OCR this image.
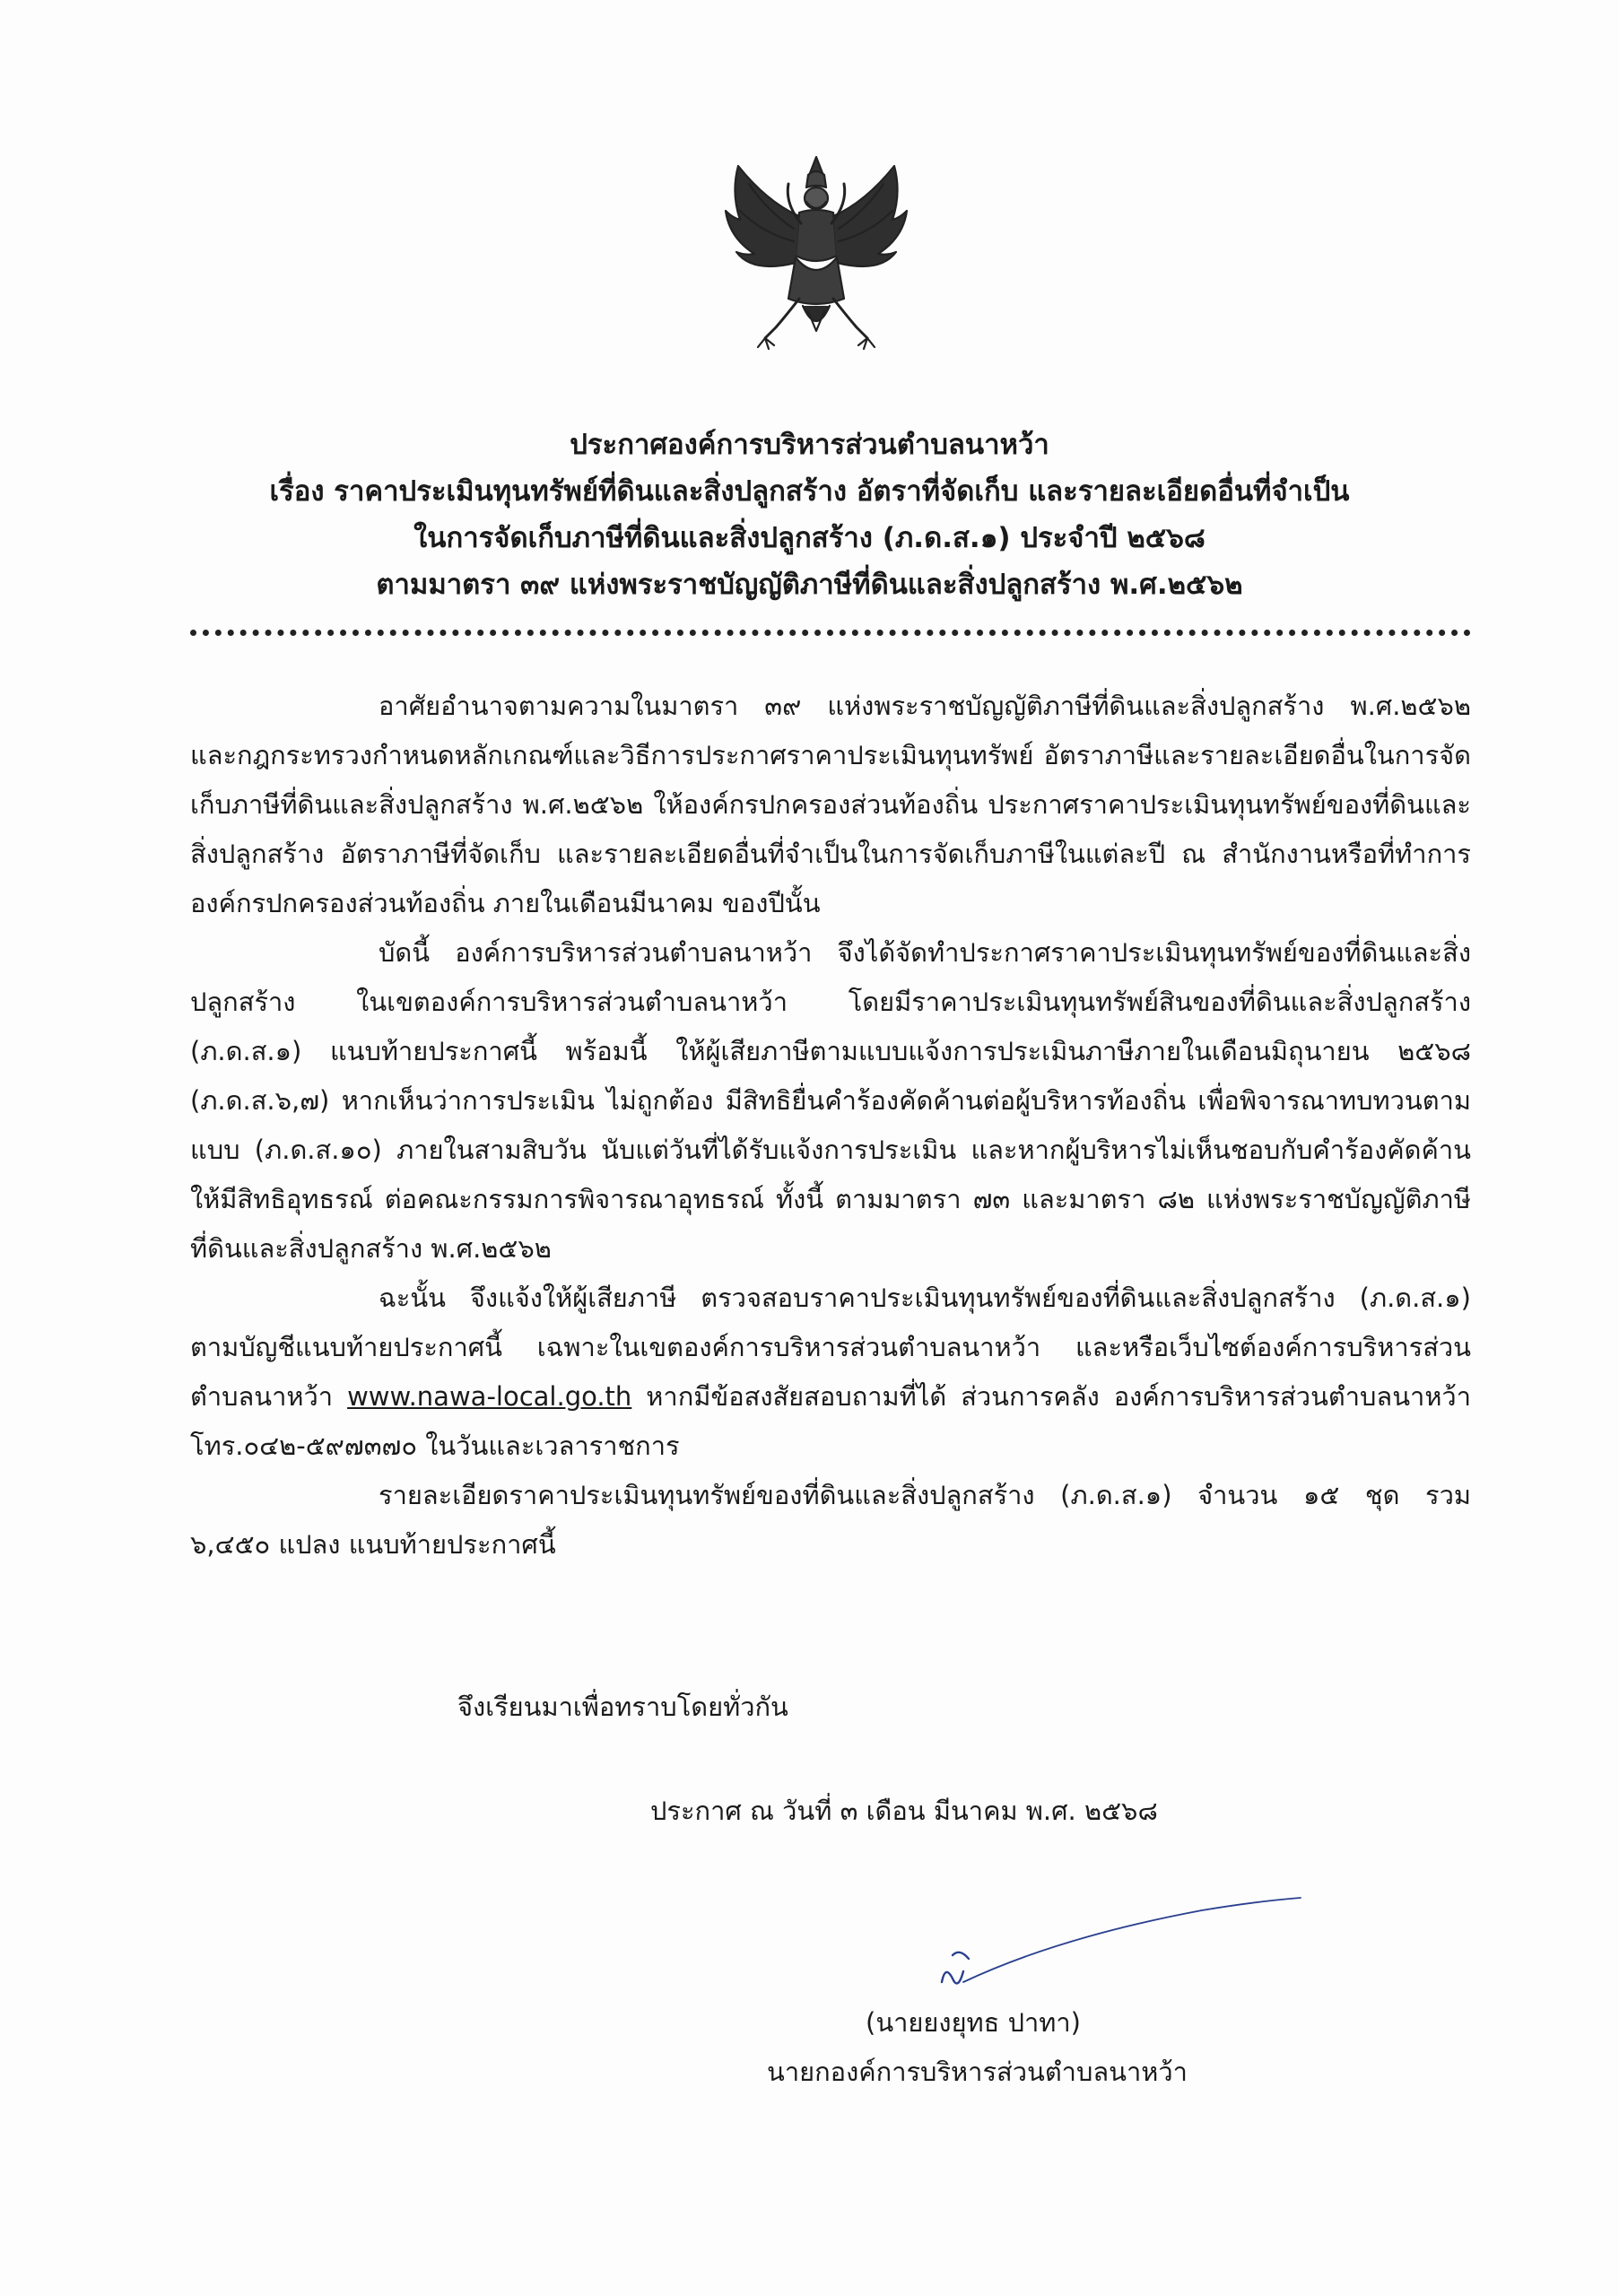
ประกาศองค์การบริหารส่วนตำบลนาหว้า
เรื่อง ราคาประเมินทุนทรัพย์ที่ดินและสิ่งปลูกสร้าง อัตราที่จัดเก็บ และรายละเอียดอื่นที่จำเป็น
ในการจัดเก็บภาษีที่ดินและสิ่งปลูกสร้าง (ภ.ด.ส.๑) ประจำปี ๒๕๖๘
ตามมาตรา ๓๙ แห่งพระราชบัญญัติภาษีที่ดินและสิ่งปลูกสร้าง พ.ศ.๒๕๖๒

อาศัยอำนาจตามความในมาตรา ๓๙ แห่งพระราชบัญญัติภาษีที่ดินและสิ่งปลูกสร้าง พ.ศ.๒๕๖๒ และกฎกระทรวงกำหนดหลักเกณฑ์และวิธีการประกาศราคาประเมินทุนทรัพย์ อัตราภาษีและรายละเอียดอื่นในการจัดเก็บภาษีที่ดินและสิ่งปลูกสร้าง พ.ศ.๒๕๖๒ ให้องค์กรปกครองส่วนท้องถิ่น ประกาศราคาประเมินทุนทรัพย์ของที่ดินและสิ่งปลูกสร้าง อัตราภาษีที่จัดเก็บ และรายละเอียดอื่นที่จำเป็นในการจัดเก็บภาษีในแต่ละปี ณ สำนักงานหรือที่ทำการองค์กรปกครองส่วนท้องถิ่น ภายในเดือนมีนาคม ของปีนั้น

บัดนี้ องค์การบริหารส่วนตำบลนาหว้า จึงได้จัดทำประกาศราคาประเมินทุนทรัพย์ของที่ดินและสิ่งปลูกสร้าง ในเขตองค์การบริหารส่วนตำบลนาหว้า โดยมีราคาประเมินทุนทรัพย์สินของที่ดินและสิ่งปลูกสร้าง (ภ.ด.ส.๑) แนบท้ายประกาศนี้ พร้อมนี้ ให้ผู้เสียภาษีตามแบบแจ้งการประเมินภาษีภายในเดือนมิถุนายน ๒๕๖๘ (ภ.ด.ส.๖,๗) หากเห็นว่าการประเมิน ไม่ถูกต้อง มีสิทธิยื่นคำร้องคัดค้านต่อผู้บริหารท้องถิ่น เพื่อพิจารณาทบทวนตามแบบ (ภ.ด.ส.๑๐) ภายในสามสิบวัน นับแต่วันที่ได้รับแจ้งการประเมิน และหากผู้บริหารไม่เห็นชอบกับคำร้องคัดค้านให้มีสิทธิอุทธรณ์ ต่อคณะกรรมการพิจารณาอุทธรณ์ ทั้งนี้ ตามมาตรา ๗๓ และมาตรา ๘๒ แห่งพระราชบัญญัติภาษีที่ดินและสิ่งปลูกสร้าง พ.ศ.๒๕๖๒

ฉะนั้น จึงแจ้งให้ผู้เสียภาษี ตรวจสอบราคาประเมินทุนทรัพย์ของที่ดินและสิ่งปลูกสร้าง (ภ.ด.ส.๑) ตามบัญชีแนบท้ายประกาศนี้ เฉพาะในเขตองค์การบริหารส่วนตำบลนาหว้า และหรือเว็บไซต์องค์การบริหารส่วนตำบลนาหว้า www.nawa-local.go.th หากมีข้อสงสัยสอบถามที่ได้ ส่วนการคลัง องค์การบริหารส่วนตำบลนาหว้า โทร.๐๔๒-๕๙๗๓๗๐ ในวันและเวลาราชการ

รายละเอียดราคาประเมินทุนทรัพย์ของที่ดินและสิ่งปลูกสร้าง (ภ.ด.ส.๑) จำนวน ๑๕ ชุด รวม ๖,๔๕๐ แปลง แนบท้ายประกาศนี้

จึงเรียนมาเพื่อทราบโดยทั่วกัน
ประกาศ ณ วันที่ ๓ เดือน มีนาคม พ.ศ. ๒๕๖๘
(นายยงยุทธ ปาทา)
นายกองค์การบริหารส่วนตำบลนาหว้า
